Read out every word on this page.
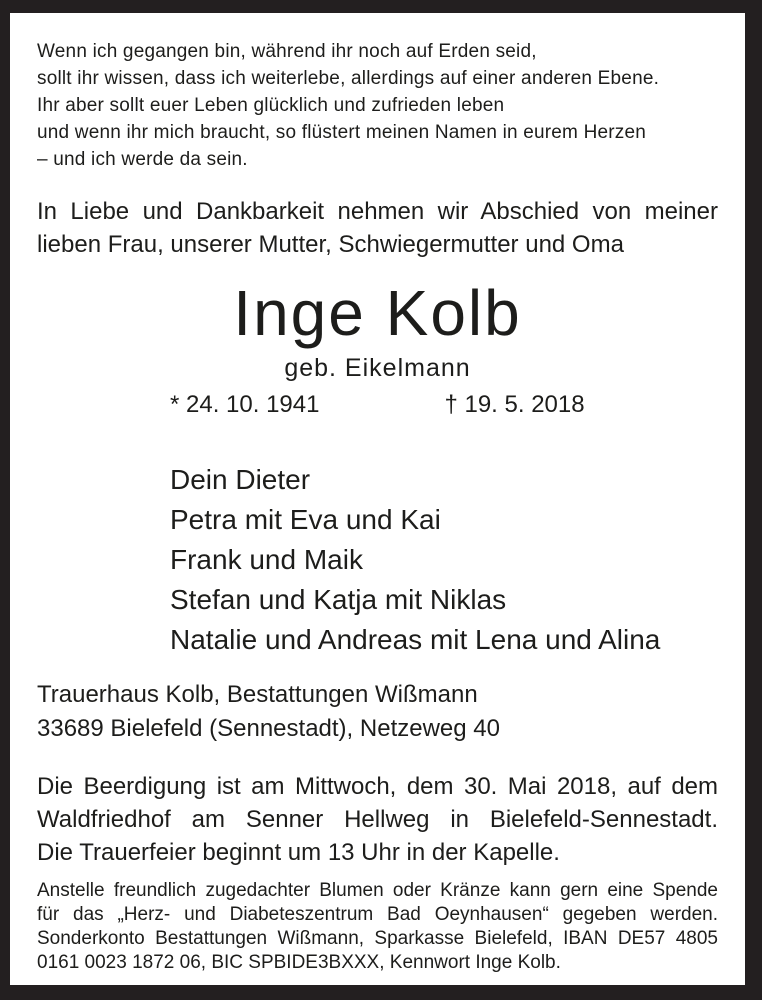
Wenn ich gegangen bin, während ihr noch auf Erden seid,
sollt ihr wissen, dass ich weiterlebe, allerdings auf einer anderen Ebene.
Ihr aber sollt euer Leben glücklich und zufrieden leben
und wenn ihr mich braucht, so flüstert meinen Namen in eurem Herzen
– und ich werde da sein.
In Liebe und Dankbarkeit nehmen wir Abschied von meiner
lieben Frau, unserer Mutter, Schwiegermutter und Oma
Inge Kolb
geb. Eikelmann
* 24. 10. 1941	† 19. 5. 2018
Dein Dieter
Petra mit Eva und Kai
Frank und Maik
Stefan und Katja mit Niklas
Natalie und Andreas mit Lena und Alina
Trauerhaus Kolb, Bestattungen Wißmann
33689 Bielefeld (Sennestadt), Netzeweg 40
Die Beerdigung ist am Mittwoch, dem 30. Mai 2018, auf dem
Waldfriedhof am Senner Hellweg in Bielefeld-Sennestadt.
Die Trauerfeier beginnt um 13 Uhr in der Kapelle.
Anstelle freundlich zugedachter Blumen oder Kränze kann gern eine Spende
für das „Herz- und Diabeteszentrum Bad Oeynhausen“ gegeben werden.
Sonderkonto Bestattungen Wißmann, Sparkasse Bielefeld, IBAN DE57 4805
0161 0023 1872 06, BIC SPBIDE3BXXX, Kennwort Inge Kolb.
